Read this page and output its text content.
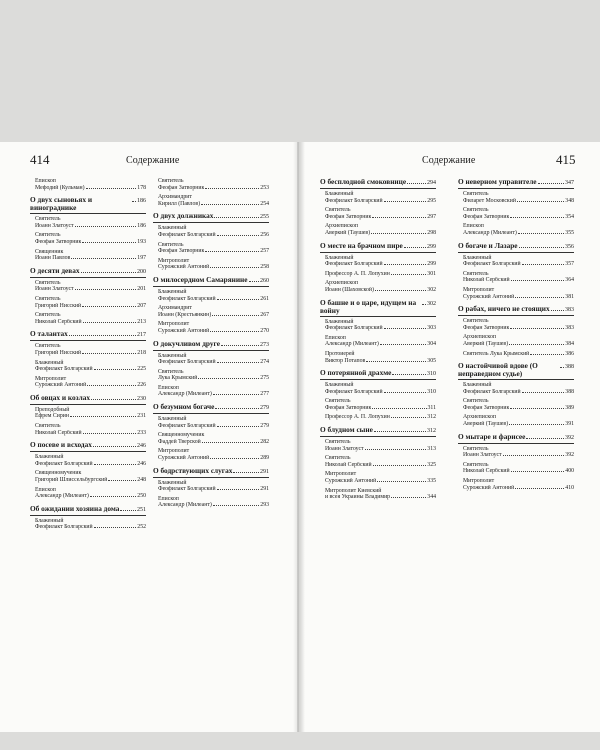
414	Содержание	Содержание	415
Епископ
Мефодий (Кульман)	178
О двух сыновьях и винограднике
186
Святитель
Иоанн Златоуст	186
Святитель
Феофан Затворник	193
Священник
Иоанн Павлов	197
О десяти девах	200
Святитель
Иоанн Златоуст	201
Святитель
Григорий Нисский	207
Святитель
Николай Сербский	213
О талантах	217
Святитель
Григорий Нисский	218
Блаженный
Феофилакт Болгарский	225
Митрополит
Сурожский Антоний	226
Об овцах и козлах	230
Преподобный
Ефрем Сирин	231
Святитель
Николай Сербский	233
О посеве и всходах	246
Блаженный
Феофилакт Болгарский	246
Священномученик
Григорий Шлиссельбургский	248
Епископ
Александр (Милеант)	250
Об ожидании хозяина дома	251
Блаженный
Феофилакт Болгарский	252
Святитель
Феофан Затворник	253
Архимандрит
Кирилл (Павлов)	254
О двух должниках	255
Блаженный
Феофилакт Болгарский	256
Святитель
Феофан Затворник	257
Митрополит
Сурожский Антоний	258
О милосердном Самарянине 260
Блаженный
Феофилакт Болгарский	261
Архимандрит
Иоанн (Крестьянкин)	267
Митрополит
Сурожский Антоний	270
О докучливом друге	273
Блаженный
Феофилакт Болгарский	274
Святитель
Лука Крымский	275
Епископ
Александр (Милеант)	277
О безумном богаче	279
Блаженный
Феофилакт Болгарский	279
Священномученик
Фаддей Тверской	282
Митрополит
Сурожский Антоний	289
О бодрствующих слугах	291
Блаженный
Феофилакт Болгарский	291
Епископ
Александр (Милеант)	293
О бесплодной смоковнице	294
Блаженный
Феофилакт Болгарский	295
Святитель
Феофан Затворник	297
Архиепископ
Аверкий (Таушев)	298
О месте на брачном пире	299
Блаженный
Феофилакт Болгарский	299
Профессор А. П. Лопухин	301
Архиепископ
Иоанн (Шаховской)	302
О башне и о царе, идущем на войну
302
Блаженный
Феофилакт Болгарский	303
Епископ
Александр (Милеант)	304
Протоиерей
Виктор Потапов	305
О потерянной драхме	310
Блаженный
Феофилакт Болгарский	310
Святитель
Феофан Затворник	311
Профессор А. П. Лопухин	312
О блудном сыне	312
Святитель
Иоанн Златоуст	313
Святитель
Николай Сербский	325
Митрополит
Сурожский Антоний	335
Митрополит Киевский
и всея Украины Владимир	344
О неверном управителе	347
Святитель
Филарет Московский	348
Святитель
Феофан Затворник	354
Епископ
Александр (Милеант)	355
О богаче и Лазаре	356
Блаженный
Феофилакт Болгарский	357
Святитель
Николай Сербский	364
Митрополит
Сурожский Антоний	381
О рабах, ничего не стоящих	383
Святитель
Феофан Затворник	383
Архиепископ
Аверкий (Таушев)	384
Святитель Лука Крымский	386
О настойчивой вдове (О неправедном судье)
388
Блаженный
Феофилакт Болгарский	388
Святитель
Феофан Затворник	389
Архиепископ
Аверкий (Таушев)	391
О мытаре и фарисее	392
Святитель
Иоанн Златоуст	392
Святитель
Николай Сербский	400
Митрополит
Сурожский Антоний	410
